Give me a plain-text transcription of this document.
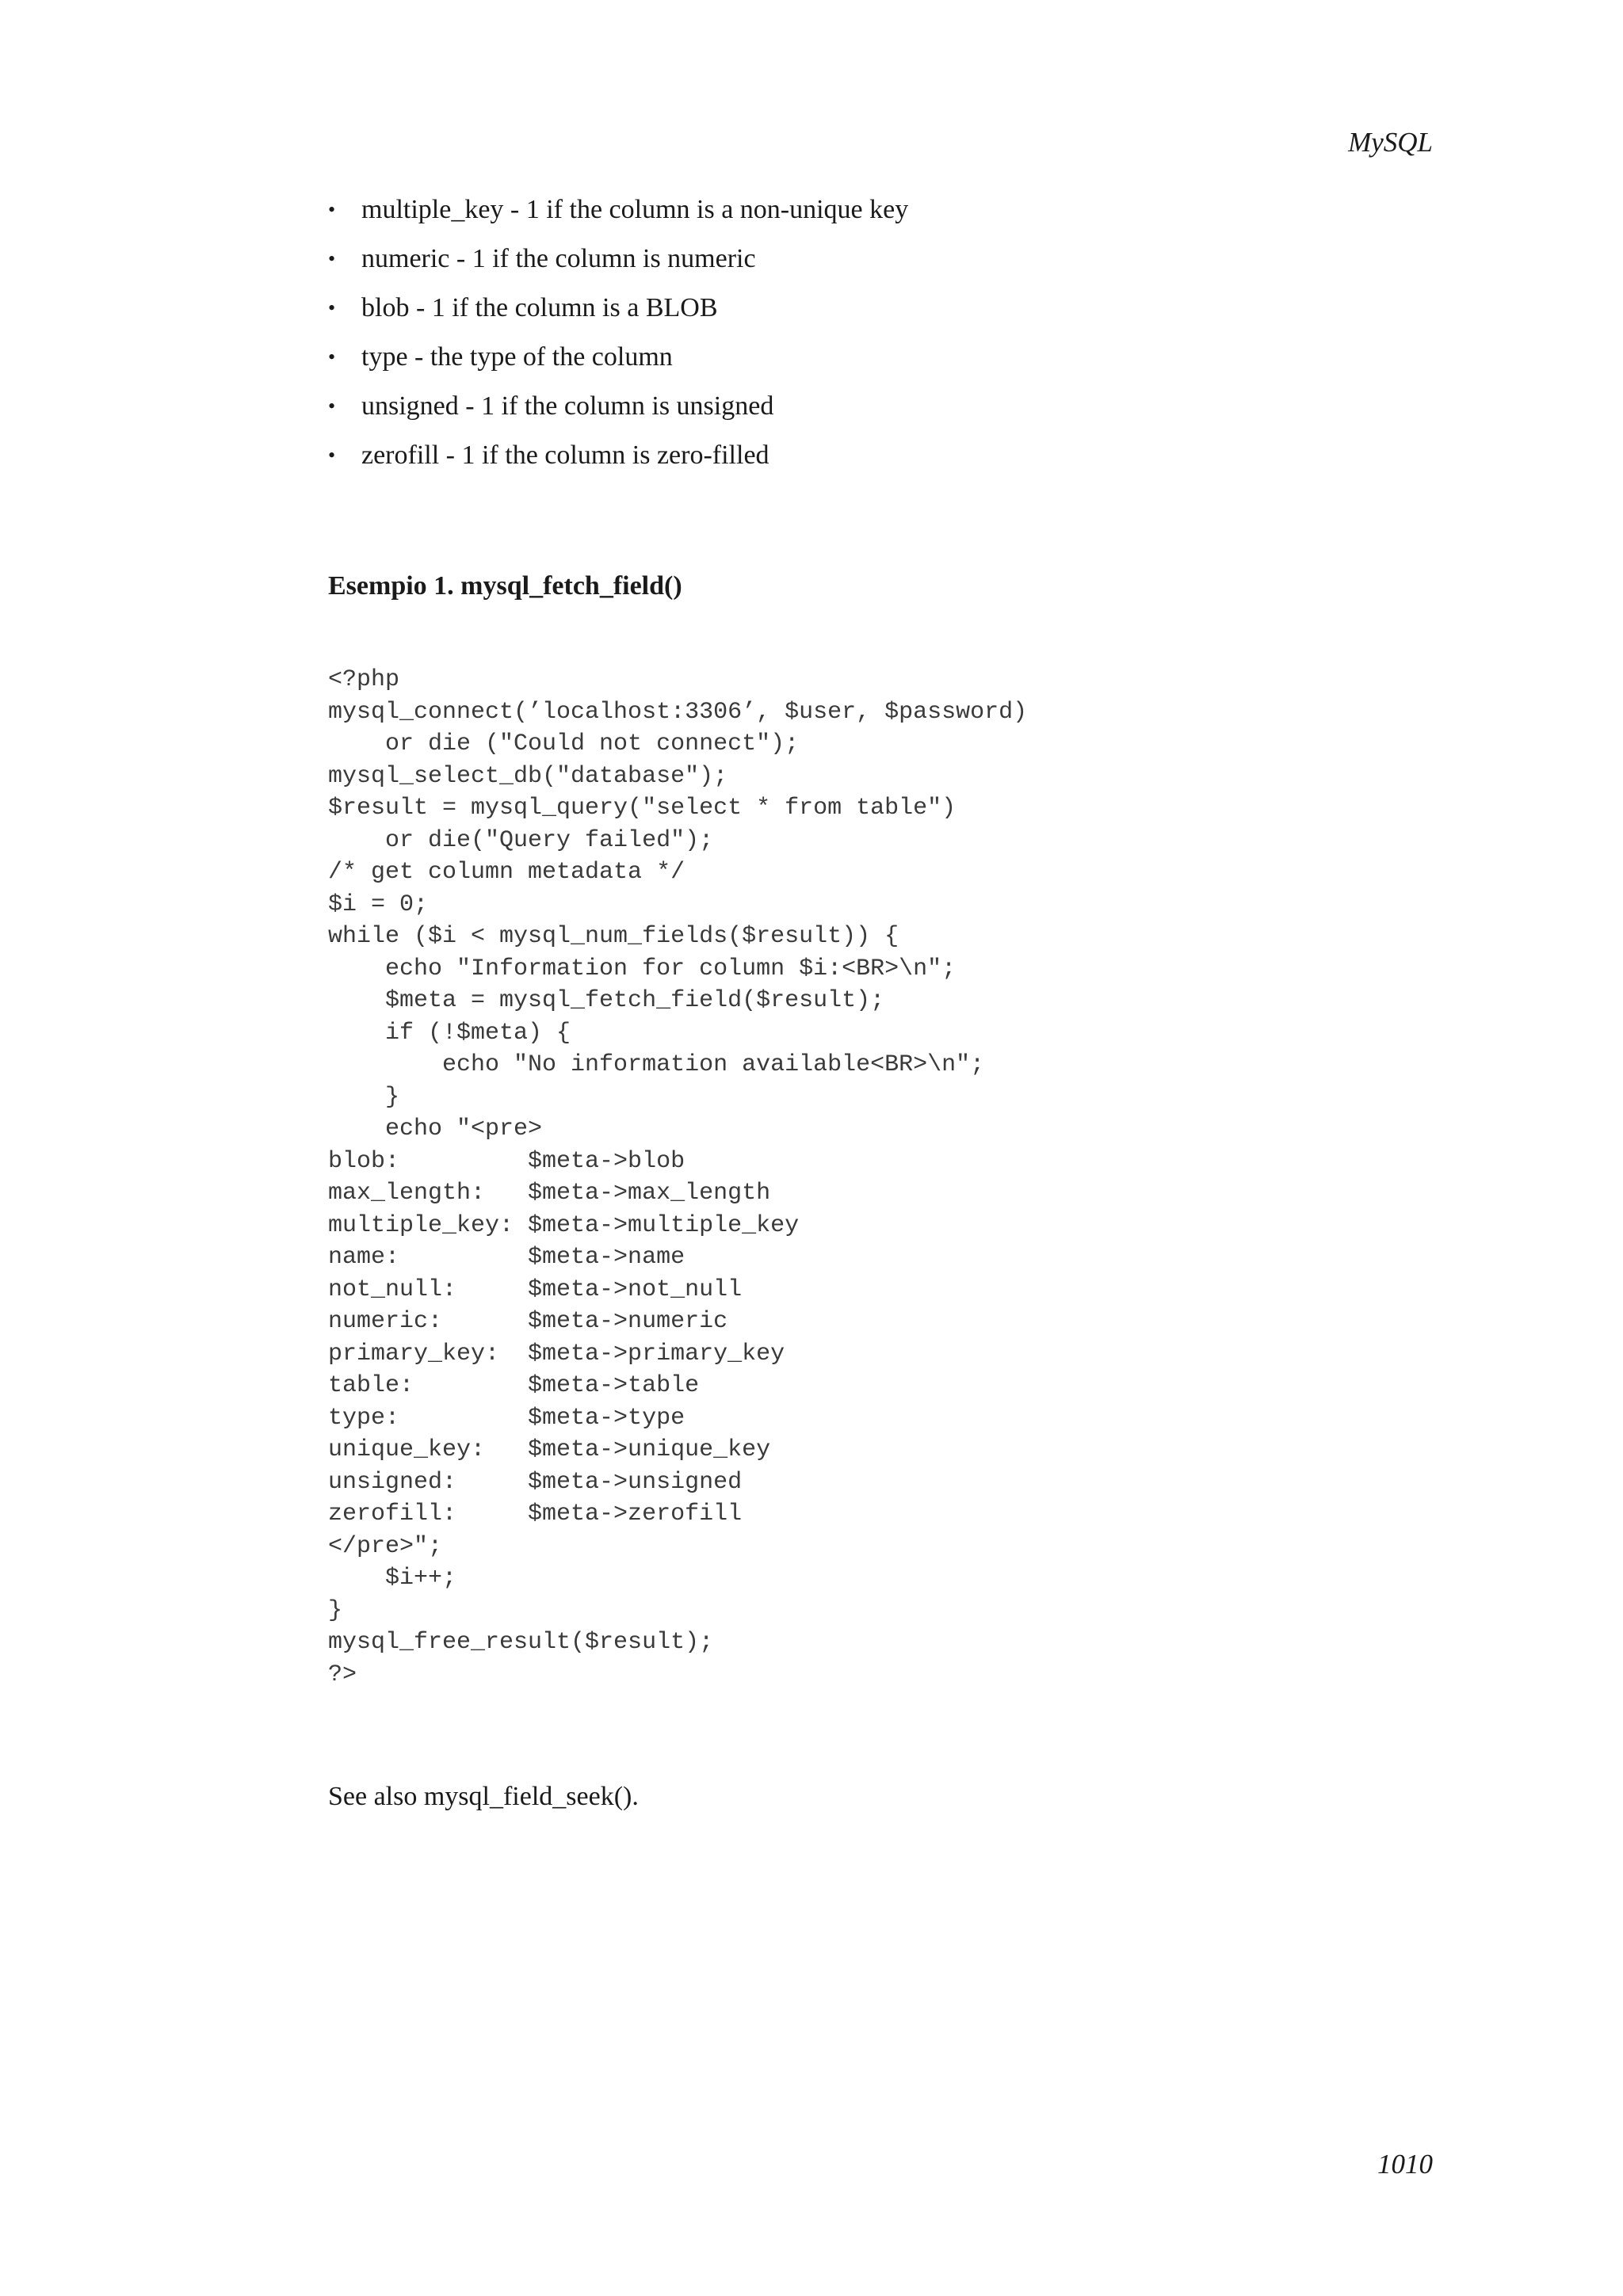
MySQL
• multiple_key - 1 if the column is a non-unique key
• numeric - 1 if the column is numeric
• blob - 1 if the column is a BLOB
• type - the type of the column
• unsigned - 1 if the column is unsigned
• zerofill - 1 if the column is zero-filled
Esempio 1. mysql_fetch_field()
<?php
mysql_connect(’localhost:3306’, $user, $password)
or die ("Could not connect");
mysql_select_db("database");
$result = mysql_query("select * from table")
or die("Query failed");
/* get column metadata */
$i = 0;
while ($i < mysql_num_fields($result)) {
echo "Information for column $i:<BR>\n";
$meta = mysql_fetch_field($result);
if (!$meta) {
echo "No information available<BR>\n";
}
echo "<pre>
blob:         $meta->blob
max_length:   $meta->max_length
multiple_key: $meta->multiple_key
name:         $meta->name
not_null:     $meta->not_null
numeric:      $meta->numeric
primary_key:  $meta->primary_key
table:        $meta->table
type:         $meta->type
unique_key:   $meta->unique_key
unsigned:     $meta->unsigned
zerofill:     $meta->zerofill
</pre>";
$i++;
}
mysql_free_result($result);
?>
See also mysql_field_seek().
1010
